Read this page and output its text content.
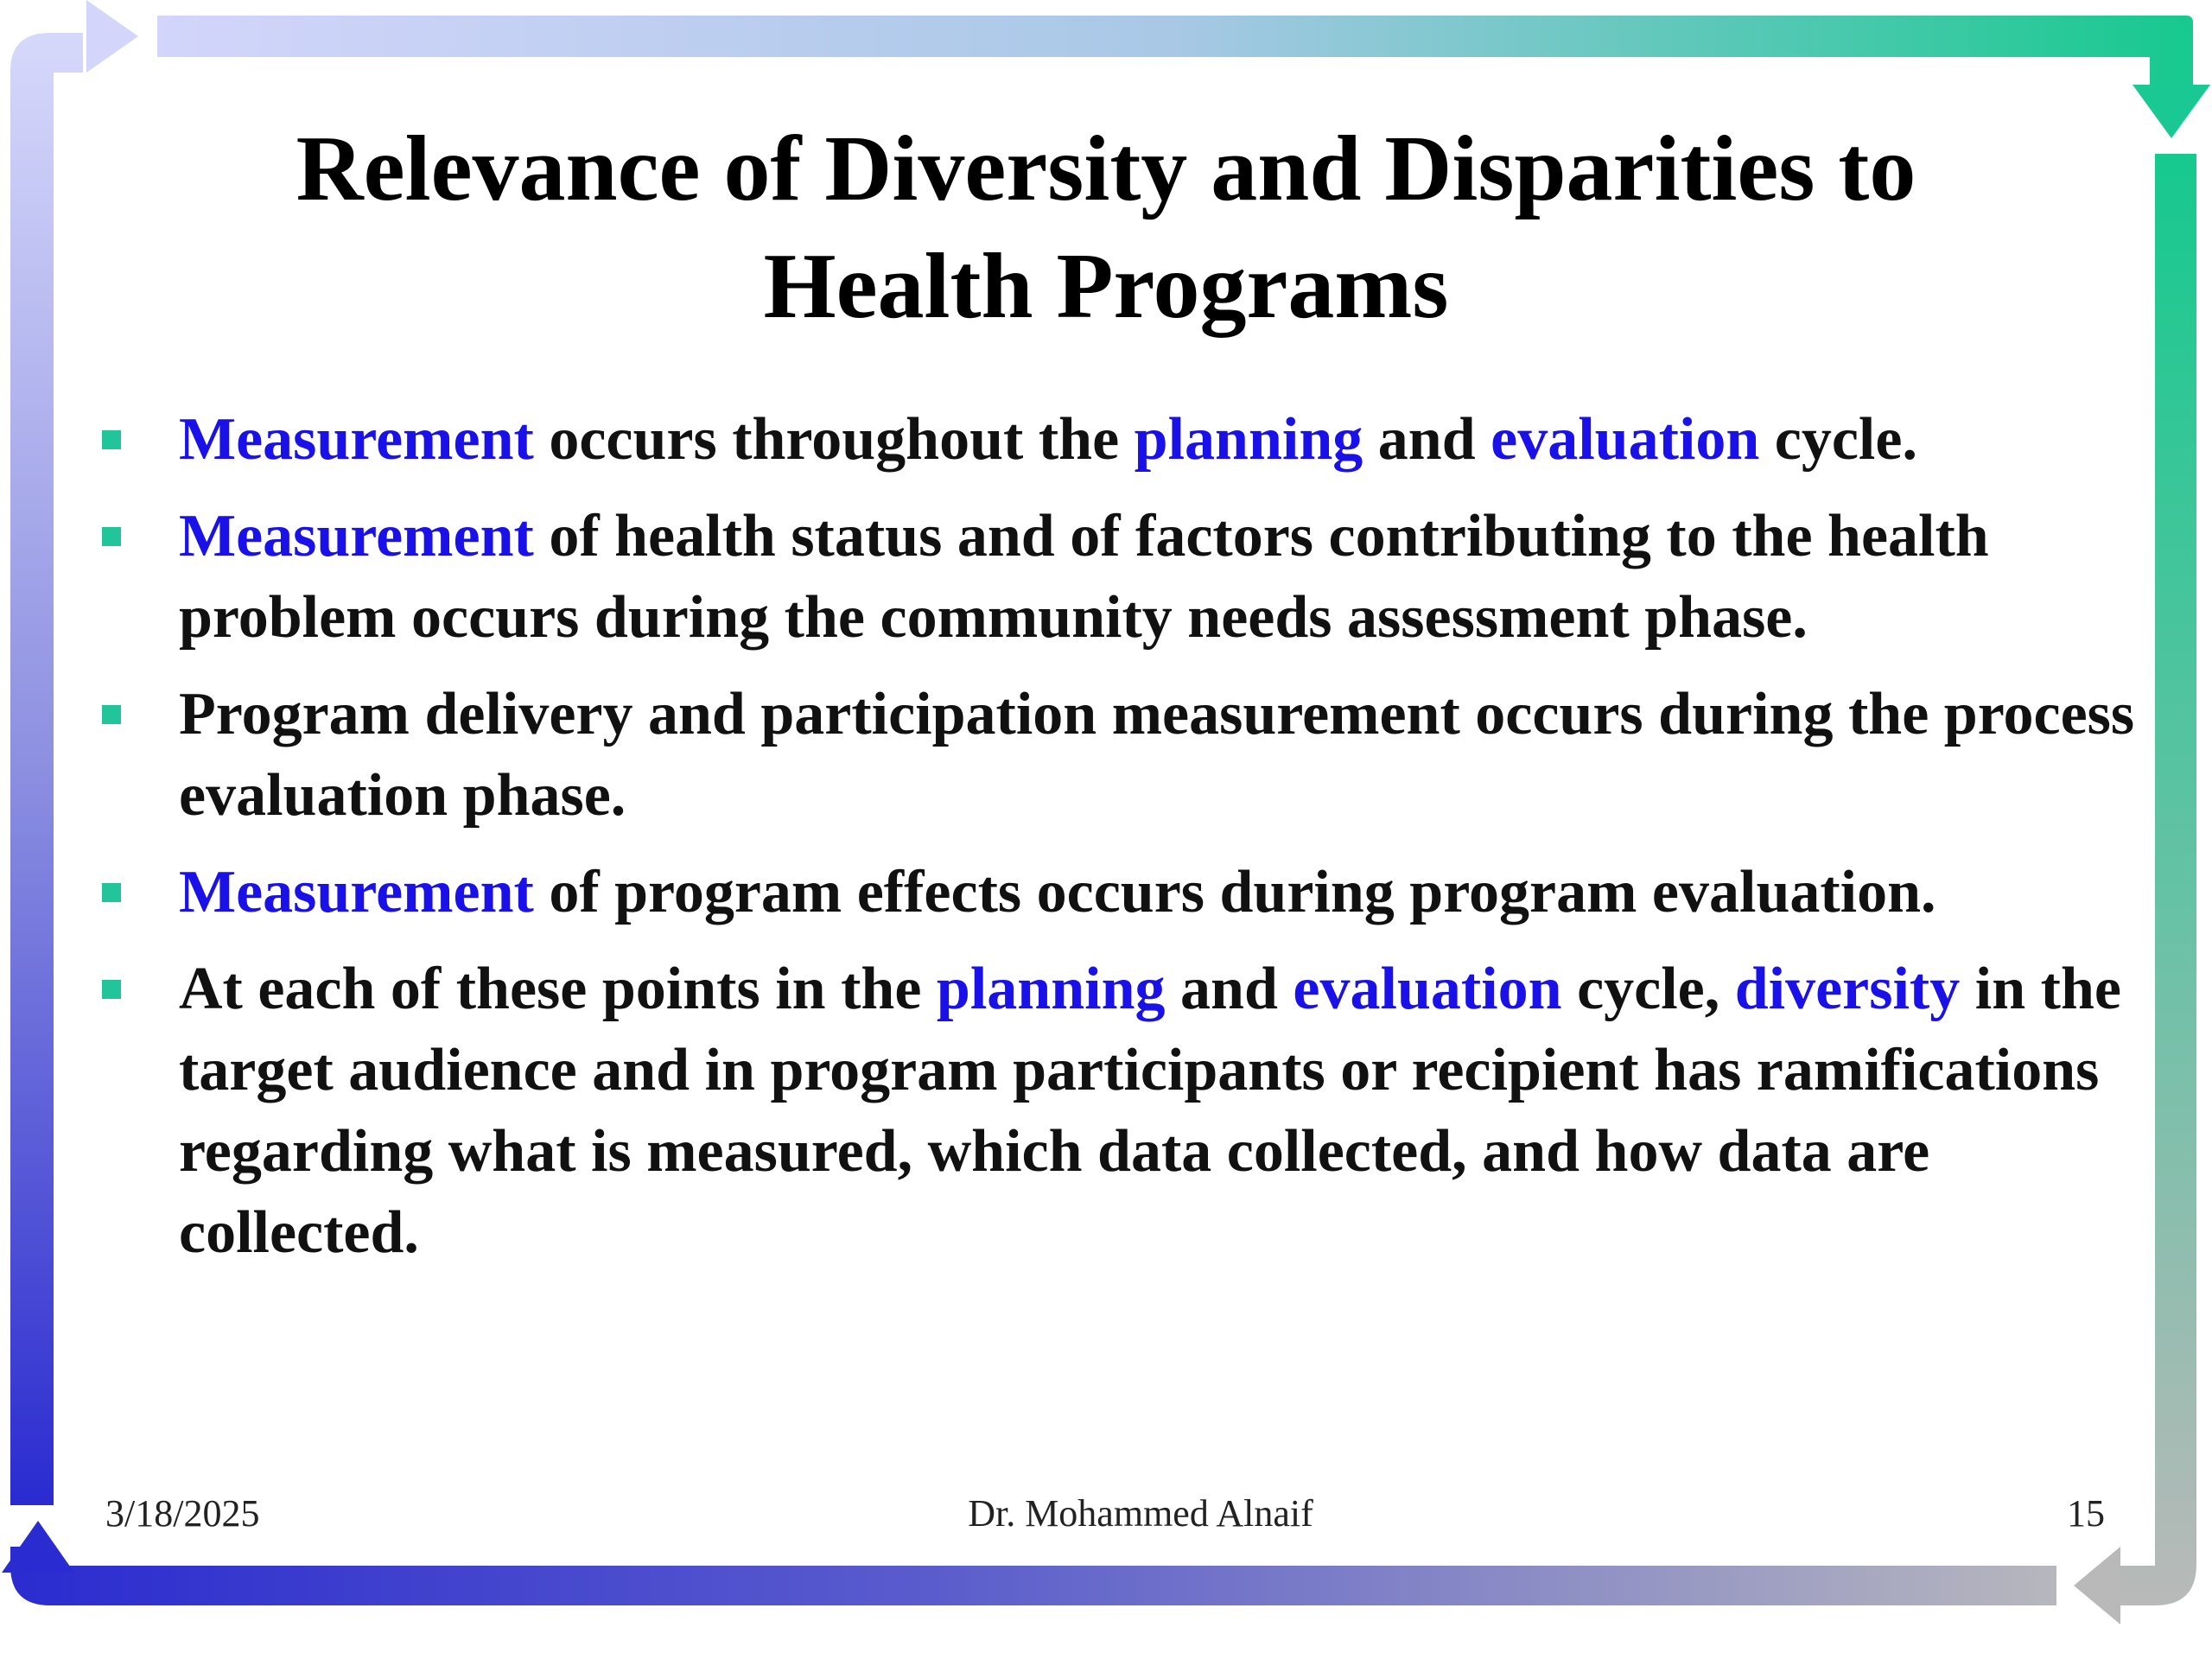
Relevance of Diversity and Disparities to
Health Programs
Measurement occurs throughout the planning and evaluation cycle.
Measurement of health status and of factors contributing to the health problem occurs during the community needs assessment phase.
Program delivery and participation measurement occurs during the process evaluation phase.
Measurement of program effects occurs during program evaluation.
At each of these points in the planning and evaluation cycle, diversity in the target audience and in program participants or recipient has ramifications regarding what is measured, which data collected, and how data are collected.
3/18/2025	Dr. Mohammed Alnaif	15
